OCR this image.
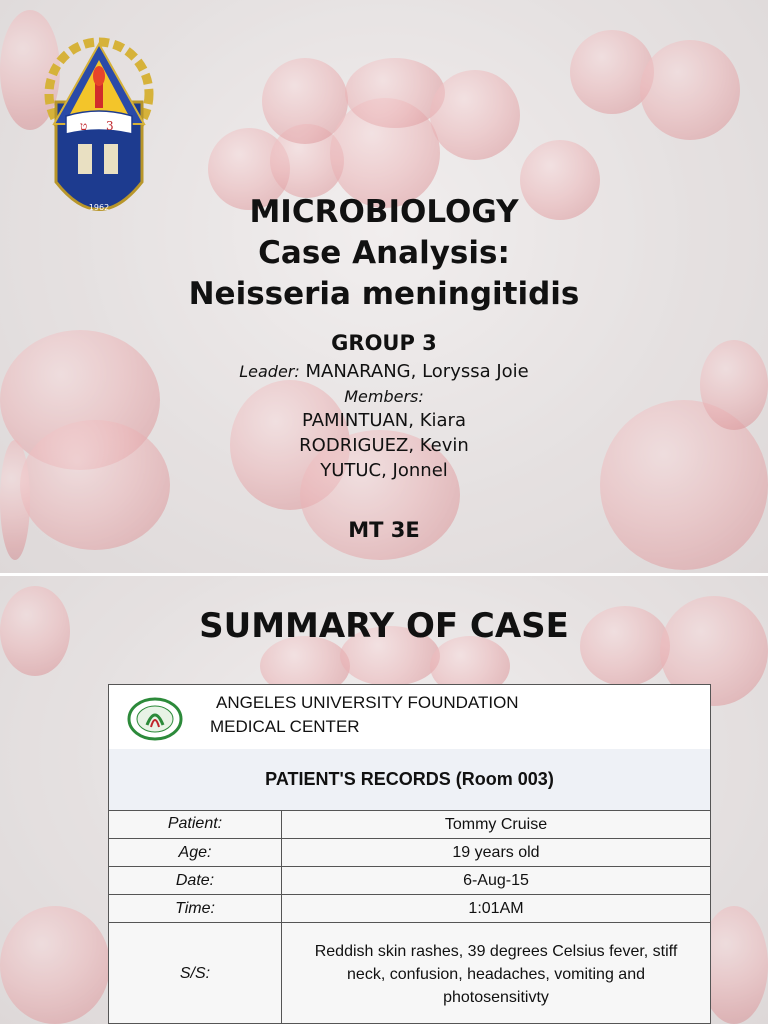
ט 3
1962	MICROBIOLOGY
Case Analysis:
Neisseria meningitidis
GROUP 3
Leader: MANARANG, Loryssa Joie
Members:
PAMINTUAN, Kiara
RODRIGUEZ, Kevin
YUTUC, Jonnel
MT 3E
SUMMARY OF CASE
ANGELES UNIVERSITY FOUNDATION
MEDICAL CENTER
PATIENT'S RECORDS (Room 003)
Patient:	Tommy Cruise
Age:	19 years old
Date:	6-Aug-15
Time:	1:01AM
S/S:
Reddish skin rashes, 39 degrees Celsius fever, stiff neck, confusion, headaches, vomiting and photosensitivty
